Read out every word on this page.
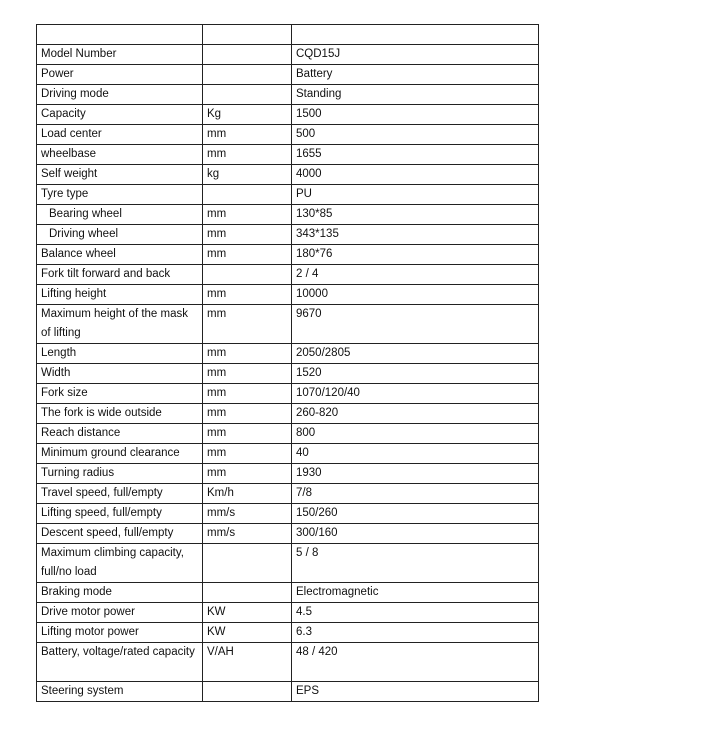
Model Number		CQD15J
Power		Battery
Driving mode		Standing
Capacity	Kg	1500
Load center	mm	500
wheelbase	mm	1655
Self weight	kg	4000
Tyre type		PU
Bearing wheel	mm	130*85
Driving wheel	mm	343*135
Balance wheel	mm	180*76
Fork tilt forward and back		2 / 4
Lifting height	mm	10000
Maximum height of the mask of lifting	mm	9670
Length	mm	2050/2805
Width	mm	1520
Fork size	mm	1070/120/40
The fork is wide outside	mm	260-820
Reach distance	mm	800
Minimum ground clearance	mm	40
Turning radius	mm	1930
Travel speed, full/empty	Km/h	7/8
Lifting speed, full/empty	mm/s	150/260
Descent speed, full/empty	mm/s	300/160
Maximum climbing capacity, full/no load		5 / 8
Braking mode		Electromagnetic
Drive motor power	KW	4.5
Lifting motor power	KW	6.3
Battery, voltage/rated capacity	V/AH	48 / 420
Steering system		EPS
